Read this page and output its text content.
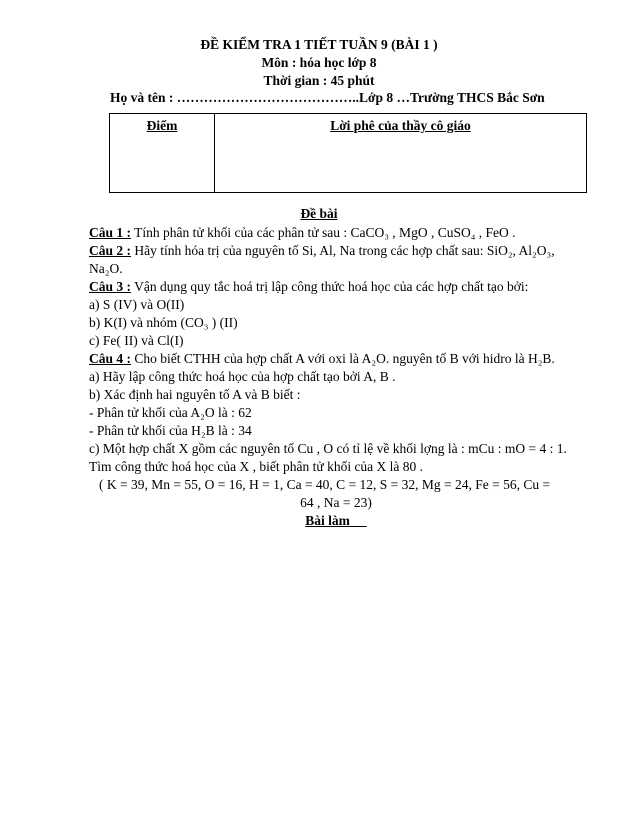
ĐỀ KIỂM TRA 1 TIẾT TUẦN 9 (BÀI 1 )
Môn : hóa học lớp 8
Thời gian : 45 phút
Họ và tên : …………………………………..Lớp 8 …Trường THCS Bắc Sơn
Điểm	Lời phê của thầy cô giáo
Đề bài
Câu 1 : Tính phân tử khối của các phân tử sau : CaCO₃ , MgO , CuSO₄ , FeO .
Câu 2 : Hãy tính hóa trị của nguyên tố Si, Al, Na trong các hợp chất sau: SiO₂, Al₂O₃,
Na₂O.
Câu 3 : Vận dụng quy tắc hoá trị lập công thức hoá học của các hợp chất tạo bởi:
a) S (IV) và O(II)
b) K(I) và nhóm (CO₃ ) (II)
c) Fe( II) và Cl(I)
Câu 4 : Cho biết CTHH của hợp chất A với oxi là A₂O. nguyên tố B với hidro là H₂B.
a) Hãy lập công thức hoá học của hợp chất tạo bởi A, B .
b) Xác định hai nguyên tố A và B biết :
- Phân tử khối của A₂O là : 62
- Phân tử khối của H₂B là : 34
c) Một hợp chất X gồm các nguyên tố Cu , O có tỉ lệ về khối lợng là : mCu : mO = 4 : 1.
Tìm công thức hoá học của X , biết phân tử khối của X là 80 .
( K = 39, Mn = 55, O = 16, H = 1, Ca = 40, C = 12, S = 32, Mg = 24, Fe = 56, Cu =
64 , Na = 23)
Bài làm
